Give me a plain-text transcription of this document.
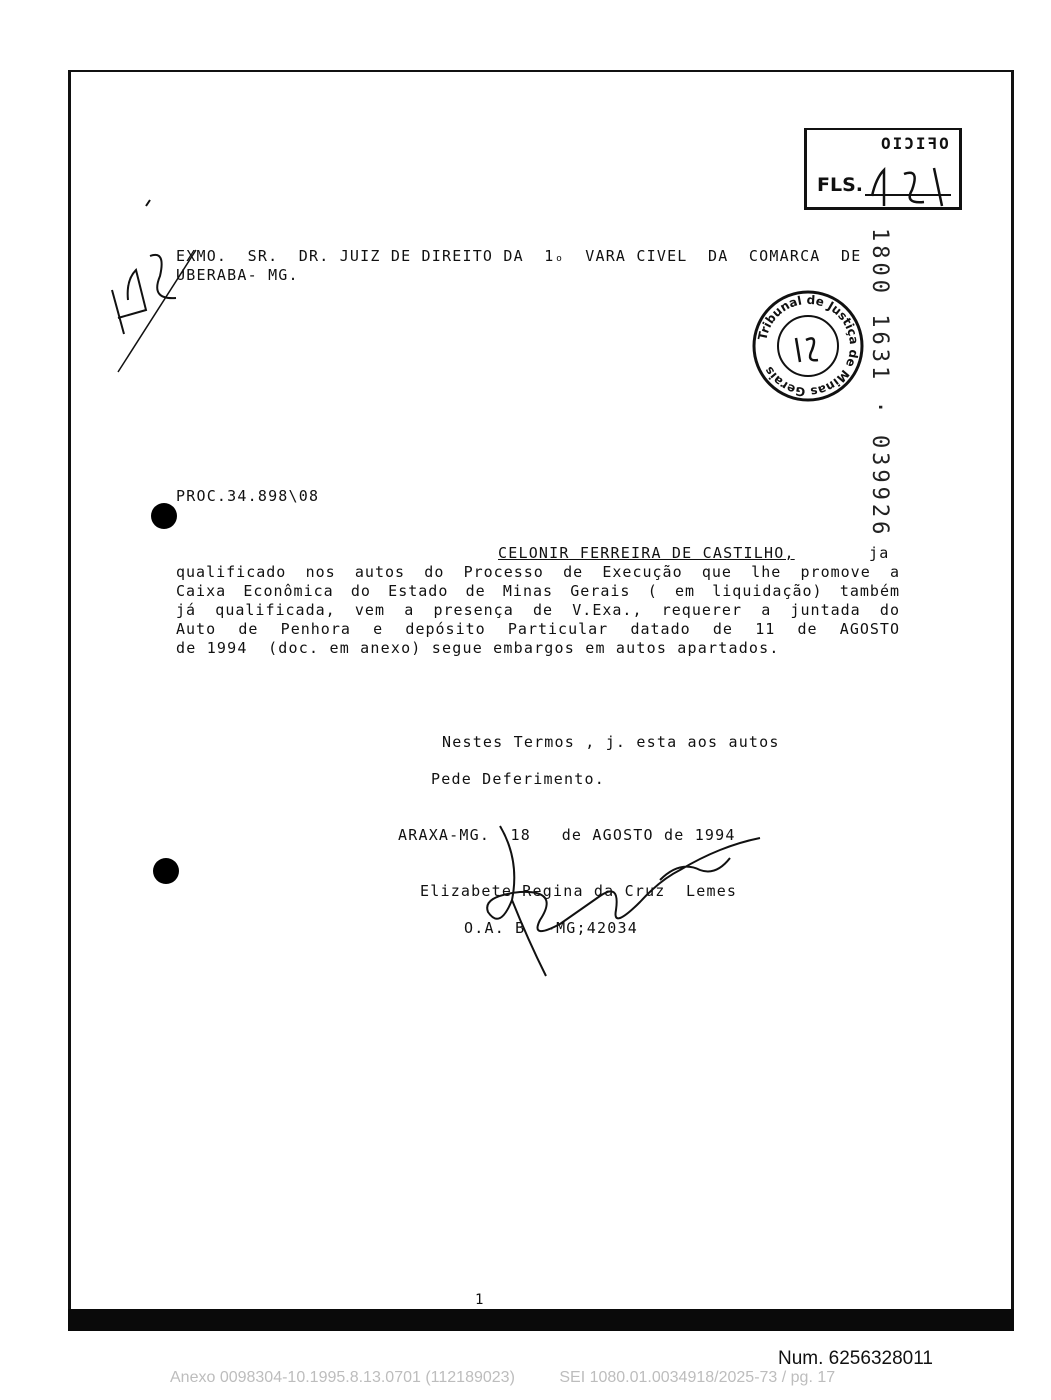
OFICIO
FLS.
1800 1631 · 039926
Tribunal de Justiça de Minas Gerais
EXMO.  SR.  DR. JUIZ DE DIREITO DA  1ₒ  VARA CIVEL  DA  COMARCA  DE
UBERABA- MG.
PROC.34.898\08
CELONIR FERREIRA DE CASTILHO,	ja
qualificado nos autos do Processo de Execução que lhe promove a
Caixa Econômica do Estado de Minas Gerais ( em liquidação) também
já qualificada, vem a presença de V.Exa., requerer a juntada do
Auto de Penhora e depósito Particular datado de 11 de AGOSTO
de 1994  (doc. em anexo) segue embargos em autos apartados.
Nestes Termos , j. esta aos autos
Pede Deferimento.
ARAXA-MG.  18   de AGOSTO de 1994
Elizabete Regina da Cruz  Lemes
O.A. B  -MG;42034
1
Num. 6256328011
Anexo 0098304-10.1995.8.13.0701 (112189023)          SEI 1080.01.0034918/2025-73 / pg. 17
